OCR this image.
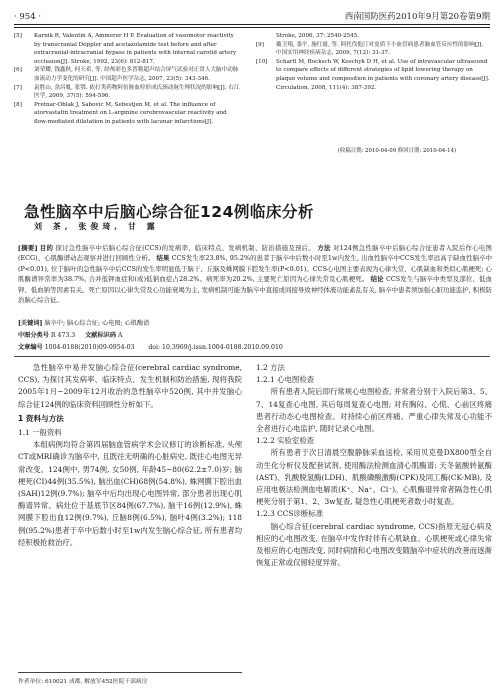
· 954 ·	西南国防医药2010年9月第20卷第9期
[5]	Karnik R, Valentin A, Ammerer H P. Evaluation of vasomotor reactivity by transcranial Doppler and acetazolamide test before and after extracranial-intracranial bypass in patients with internal carotid artery occlusion[J]. Stroke, 1992, 23(6): 812-817.
[6]	刘荣耀, 钱鑫秋, 何天希, 等. 经颅彩色多普勒超声结合屏气试验对正常人大脑中动脉血流动力学变化的研究[J]. 中国超声医学杂志, 2007, 23(5): 343-346.
[7]	袁胜山, 余昌胤, 张鄂. 依打类药物阿倍脉血栓形成氏颈动脉生理状况的影响[J]. 右江医学, 2009, 37(5): 594-596.
[8]	Pretnar-Oblak J, Sabovic M, Sebestjen M, et al. The influence of atorvastatin treatment on L-arginine cerebrovascular reactivity and flow-mediated dilatation in patients with lacunar infarctions[J].
Stroke, 2006, 37: 2540-2545.
[9]	戴卫翔, 娄平, 施红霞, 等. 阿托伐他汀对皮质下小血管病患者脑血管反应性的影响[J]. 中国实用神经疾病杂志, 2009, 7(12): 31-37.
[10]	Schartl M, Bocksch W, Koschyk D H, et al. Use of intravascular ultrasound to compare effects of different strategies of lipid lowering therapy on plaque volume and composition in patients with coronary artery disease[J]. Circulation, 2008, 111(4): 387-392.
(收稿日期: 2010-04-09 修回日期: 2010-04-14)
急性脑卒中后脑心综合征124例临床分析
刘 茶, 张俊琦, 甘 露
[摘要] 目的 探讨急性脑卒中后脑心综合征(CCS)的发病率、临床特点、发病机制、防治措施及预后。 方法 对124例急性脑卒中后脑心综合征患者入院后作心电图(ECG)、心肌酶谱动态观察并进行回顾性分析。 结果 CCS发生率23.8%, 95.2%的患者于脑卒中后数小时至1w内发生, 出血性脑卒中CCS发生率远高于缺血性脑卒中(P<0.01), 位于脑叶的急性脑卒中后CCS的发生率明显低于脑干、丘脑及蛛网膜下腔发生率(P<0.01)。CCS心电图主要表现为心律失常、心肌缺血和类似心肌梗死; 心肌酶谱异常率为38.7%, 合并低钾血症和(或)低钠血症占28.2%。病死率为20.2%, 主要死亡原因为心律失常及心肌梗死。 结论 CCS发生与脑卒中类型及部位、低血钾、低血钠等因素有关。死亡原因以心律失常及心功能衰竭为主, 发病机制可能为脑卒中直接或间接导致神经体液功能紊乱有关, 脑卒中患者须加强心脏功能监护, 积极防治脑心综合征。
[关键词] 脑卒中; 脑心综合征; 心电图; 心肌酶谱
中图分类号 R 473.3 文献标识码 A
文章编号 1004-0188(2010)09-0954-03 doi: 10.3969/j.issn.1004-0188.2010.09.010

急性脑卒中易并发脑心综合征(cerebral cardiac syndrome, CCS), 为探讨其发病率、临床特点、发生机制和防治措施, 现将我院2005年1月~2009年12月收治的急性脑卒中520例, 其中并发脑心综合征124例的临床资料回顾性分析如下。

1 资料与方法
1.1 一般资料

本组病例均符合第四届脑血管病学术会议修订的诊断标准, 头颅CT或MRI确诊为脑卒中, 且既往无明确的心脏病史, 既往心电图无异常改变。124例中, 男74例, 女50例, 年龄45~80(62.2±7.0)岁; 脑梗死(CI)44例(35.5%), 脑出血(CH)68例(54.8%), 蛛网膜下腔出血(SAH)12例(9.7%); 脑卒中后均出现心电图异常, 部分患者出现心肌酶谱异常。病灶位于基底节区84例(67.7%), 脑干16例(12.9%), 蛛网膜下腔出血12例(9.7%), 丘脑8例(6.5%), 脑叶4例(3.2%); 118例(95.2%)患者于卒中后数小时至1w内发生脑心综合征, 所有患者均经积极抢救治疗。

1.2 方法
1.2.1 心电图检查

所有患者入院后即行常规心电图检查, 并常者分别于入院后第3、5、7、14复查心电图, 其后每周复查心电图; 对有胸闷、心慌、心前区疼痛患者行动态心电图检查。对持续心前区疼痛、严重心律失常及心功能不全者进行心电监护, 随时记录心电图。

1.2.2 实验室检查

所有患者于次日清晨空腹静脉采血送检, 采用贝克曼DX800型全自动生化分析仪及配套试剂, 使用酶法检测血清心肌酶谱: 天冬氨酸转氨酶(AST)、乳酸脱氢酶(LDH)、肌酸磷酸激酶(CPK)及同工酶(CK-MB), 及应用电极法检测血电解质(K⁺、Na⁺、Cl⁻)。心肌酶谱异常者隔急性心肌梗死分别于第1、2、3w复查, 疑急性心肌梗死者数小时复查。

1.2.3 CCS诊断标准

脑心综合征(cerebral cardiac syndrome, CCS)指原无冠心病及相应的心电图改变, 在脑卒中发作时伴有心肌缺血、心肌梗死或心律失常及相应的心电图改变, 同时病情和心电图改变随脑卒中症状的改善而逐渐恢复正常或仅留轻度异常。

作者单位: 610021 成都, 解放军452医院干部病房
